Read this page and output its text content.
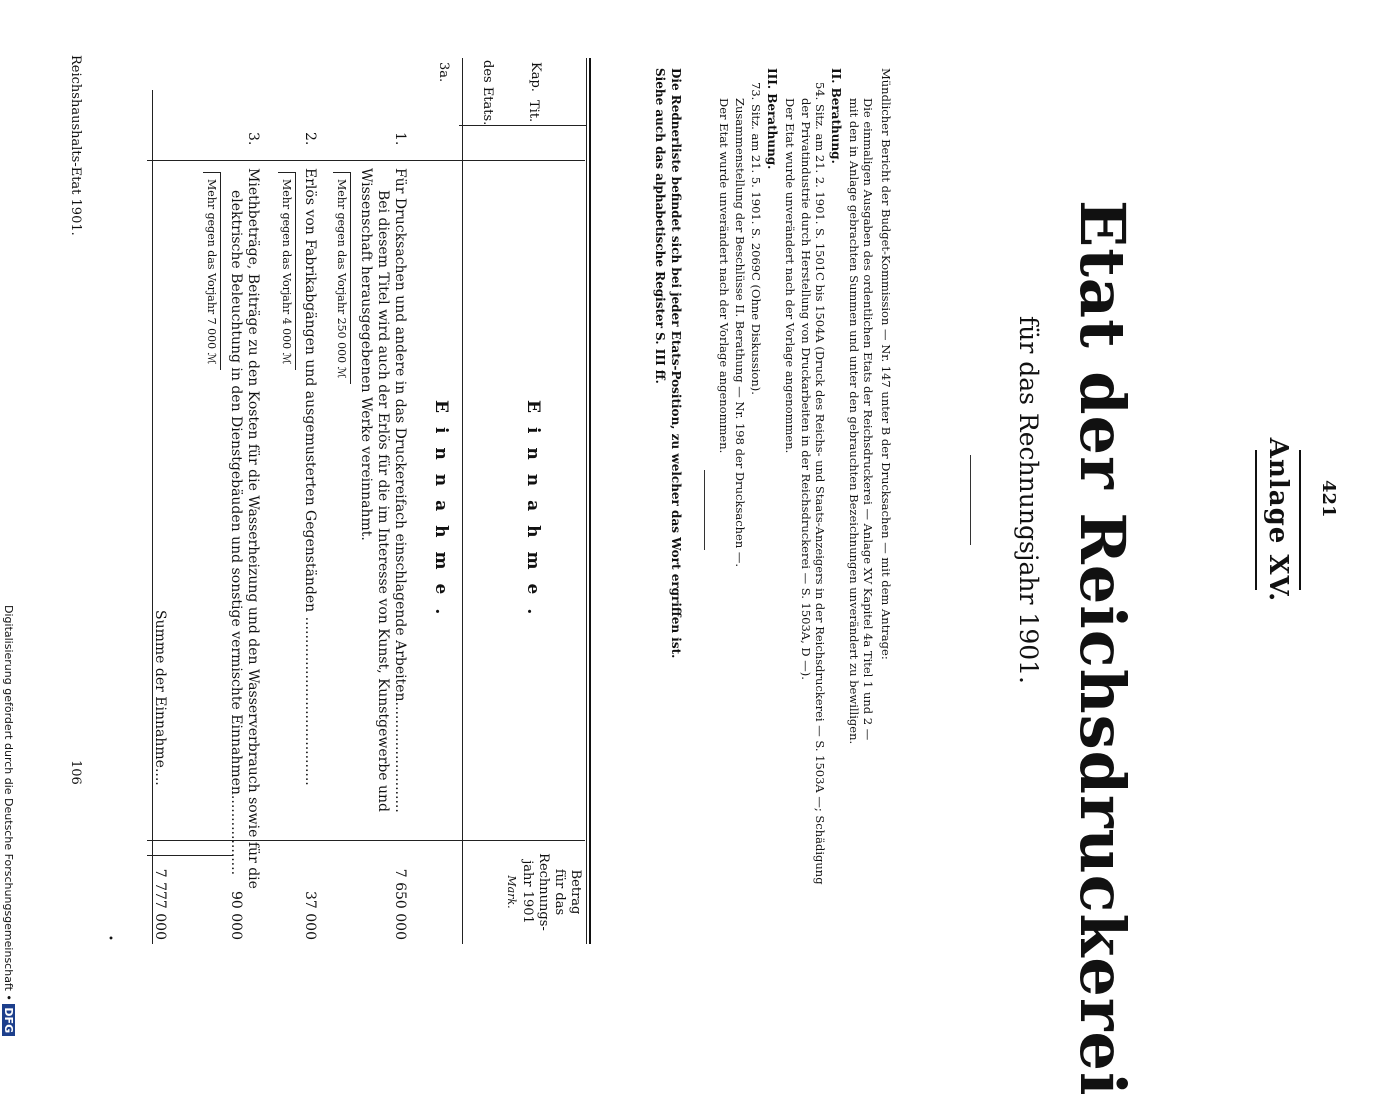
421
Anlage XV.
Etat der Reichsdruckerei
für das Rechnungsjahr 1901.
Mündlicher Bericht der Budget-Kommission — Nr. 147 unter B der Drucksachen — mit dem Antrage:
Die einmaligen Ausgaben des ordentlichen Etats der Reichsdruckerei — Anlage XV Kapitel 4a Titel 1 und 2 —
mit den in Anlage gebrachten Summen und unter den gebrauchten Bezeichnungen unverändert zu bewilligen.
II. Berathung.
54. Sitz. am 21. 2. 1901. S. 1501C bis 1504A (Druck des Reichs- und Staats-Anzeigers in der Reichsdruckerei — S. 1503A —; Schädigung
der Privatindustrie durch Herstellung von Druckarbeiten in der Reichsdruckerei — S. 1503A, D —).
Der Etat wurde unverändert nach der Vorlage angenommen.
III. Berathung.
73. Sitz. am 21. 5. 1901. S. 2069C (Ohne Diskussion).
Zusammenstellung der Beschlüsse II. Berathung — Nr. 198 der Drucksachen —.
Der Etat wurde unverändert nach der Vorlage angenommen.
Die Rednerliste befindet sich bei jeder Etats-Position, zu welcher das Wort ergriffen ist.
Siehe auch das alphabetische Register S. III ff.
Kap.
Tit.
des Etats.
Einnahme.
Betrag
für das
Rechnungs-
jahr 1901
Mark.
3a.
Einnahme.
1.
Für Drucksachen und andere in das Druckereifach einschlagende Arbeiten.........................
Bei diesem Titel wird auch der Erlös für die im Interesse von Kunst, Kunstgewerbe und
Wissenschaft herausgegebenen Werke vereinnahmt.
Mehr gegen das Vorjahr 250 000 ℳ
7 650 000
2.
Erlös von Fabrikabgängen und ausgemusterten Gegenständen ......................................
Mehr gegen das Vorjahr 4 000 ℳ
37 000
3.
Miethbeträge, Beiträge zu den Kosten für die Wasserheizung und den Wasserverbrauch sowie für die
elektrische Beleuchtung in den Dienstgebäuden und sonstige vermischte Einnahmen..................
Mehr gegen das Vorjahr 7 000 ℳ
90 000
Summe der Einnahme....
7 777 000
Reichshaushalts-Etat 1901.
106
Digitalisierung gefördert durch die Deutsche Forschungsgemeinschaft • DFG
•
